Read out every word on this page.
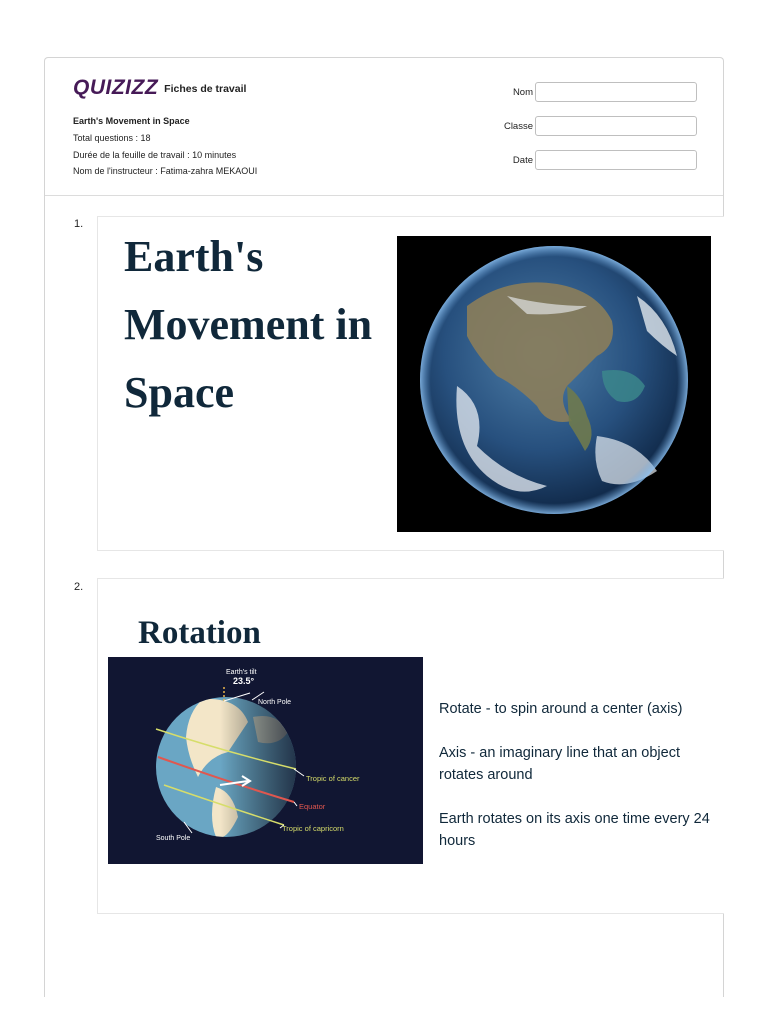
QUIZIZZ Fiches de travail
Earth's Movement in Space
Total questions : 18
Durée de la feuille de travail : 10 minutes
Nom de l'instructeur : Fatima-zahra MEKAOUI
Nom
Classe
Date
1.
Earth's
Movement in
Space
2.
Rotation
Earth's tilt
23.5°
North Pole
Tropic of cancer
Equator
Tropic of capricorn
South Pole

Rotate - to spin around a center (axis)

Axis - an imaginary line that an object rotates around

Earth rotates on its axis one time every 24 hours
